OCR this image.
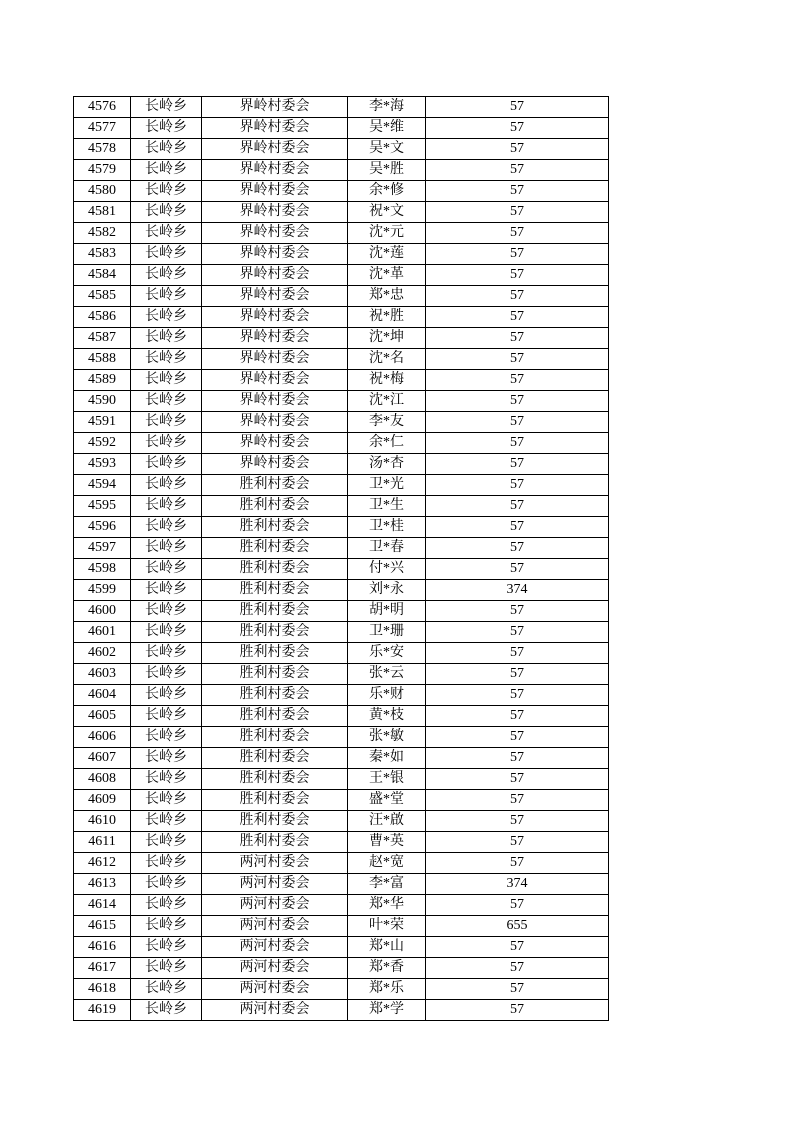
4576	长岭乡	界岭村委会	李*海	57
4577	长岭乡	界岭村委会	吴*维	57
4578	长岭乡	界岭村委会	吴*文	57
4579	长岭乡	界岭村委会	吴*胜	57
4580	长岭乡	界岭村委会	余*修	57
4581	长岭乡	界岭村委会	祝*文	57
4582	长岭乡	界岭村委会	沈*元	57
4583	长岭乡	界岭村委会	沈*莲	57
4584	长岭乡	界岭村委会	沈*革	57
4585	长岭乡	界岭村委会	郑*忠	57
4586	长岭乡	界岭村委会	祝*胜	57
4587	长岭乡	界岭村委会	沈*坤	57
4588	长岭乡	界岭村委会	沈*名	57
4589	长岭乡	界岭村委会	祝*梅	57
4590	长岭乡	界岭村委会	沈*江	57
4591	长岭乡	界岭村委会	李*友	57
4592	长岭乡	界岭村委会	余*仁	57
4593	长岭乡	界岭村委会	汤*杏	57
4594	长岭乡	胜利村委会	卫*光	57
4595	长岭乡	胜利村委会	卫*生	57
4596	长岭乡	胜利村委会	卫*桂	57
4597	长岭乡	胜利村委会	卫*春	57
4598	长岭乡	胜利村委会	付*兴	57
4599	长岭乡	胜利村委会	刘*永	374
4600	长岭乡	胜利村委会	胡*明	57
4601	长岭乡	胜利村委会	卫*珊	57
4602	长岭乡	胜利村委会	乐*安	57
4603	长岭乡	胜利村委会	张*云	57
4604	长岭乡	胜利村委会	乐*财	57
4605	长岭乡	胜利村委会	黄*枝	57
4606	长岭乡	胜利村委会	张*敏	57
4607	长岭乡	胜利村委会	秦*如	57
4608	长岭乡	胜利村委会	王*银	57
4609	长岭乡	胜利村委会	盛*堂	57
4610	长岭乡	胜利村委会	汪*啟	57
4611	长岭乡	胜利村委会	曹*英	57
4612	长岭乡	两河村委会	赵*宽	57
4613	长岭乡	两河村委会	李*富	374
4614	长岭乡	两河村委会	郑*华	57
4615	长岭乡	两河村委会	叶*荣	655
4616	长岭乡	两河村委会	郑*山	57
4617	长岭乡	两河村委会	郑*香	57
4618	长岭乡	两河村委会	郑*乐	57
4619	长岭乡	两河村委会	郑*学	57
